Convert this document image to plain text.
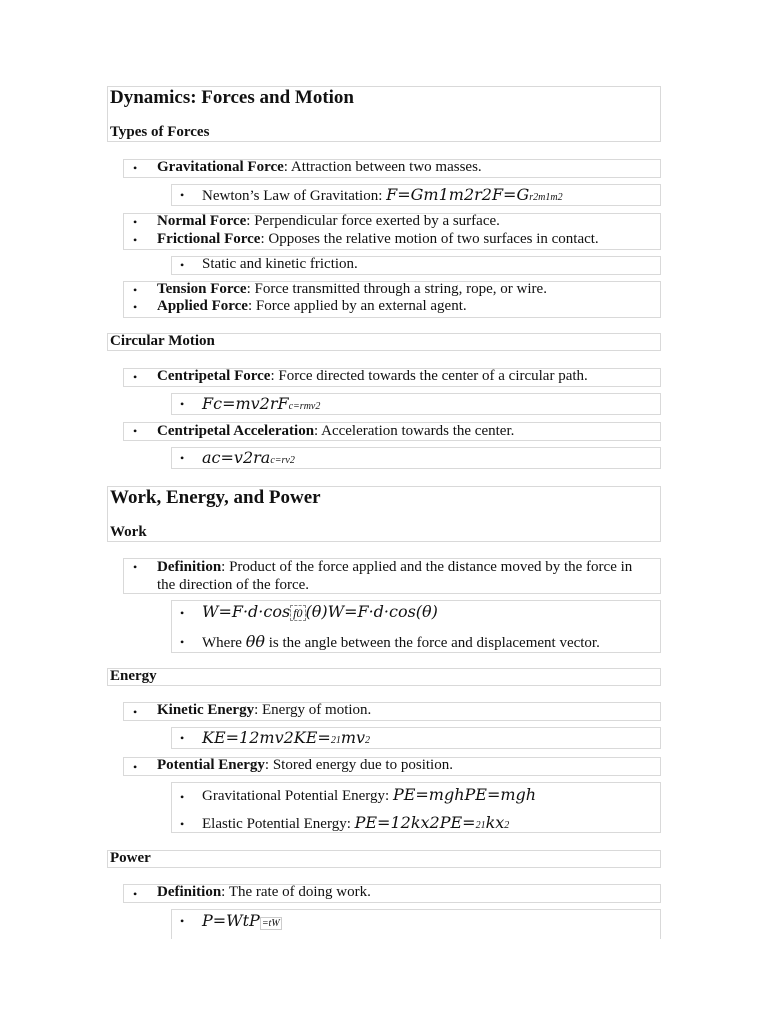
Dynamics: Forces and Motion
Types of Forces
• Gravitational Force: Attraction between two masses.
• Newton’s Law of Gravitation: F=Gm1m2r2F=Gr2m1m2
• Normal Force: Perpendicular force exerted by a surface.
• Frictional Force: Opposes the relative motion of two surfaces in contact.
• Static and kinetic friction.
• Tension Force: Force transmitted through a string, rope, or wire.
• Applied Force: Force applied by an external agent.
Circular Motion
• Centripetal Force: Force directed towards the center of a circular path.
• Fc=mv2rFc=rmv2
• Centripetal Acceleration: Acceleration towards the center.
• ac=v2rac=rv2
Work, Energy, and Power
Work
• Definition: Product of the force applied and the distance moved by the force in the direction of the force.
• W=F·d·cos f0 (θ)W=F·d·cos(θ)
• Where θθ is the angle between the force and displacement vector.
Energy
• Kinetic Energy: Energy of motion.
• KE=12mv2KE=21mv2
• Potential Energy: Stored energy due to position.
• Gravitational Potential Energy: PE=mghPE=mgh
• Elastic Potential Energy: PE=12kx2PE=21kx2
Power
• Definition: The rate of doing work.
• P=WtP =tW
